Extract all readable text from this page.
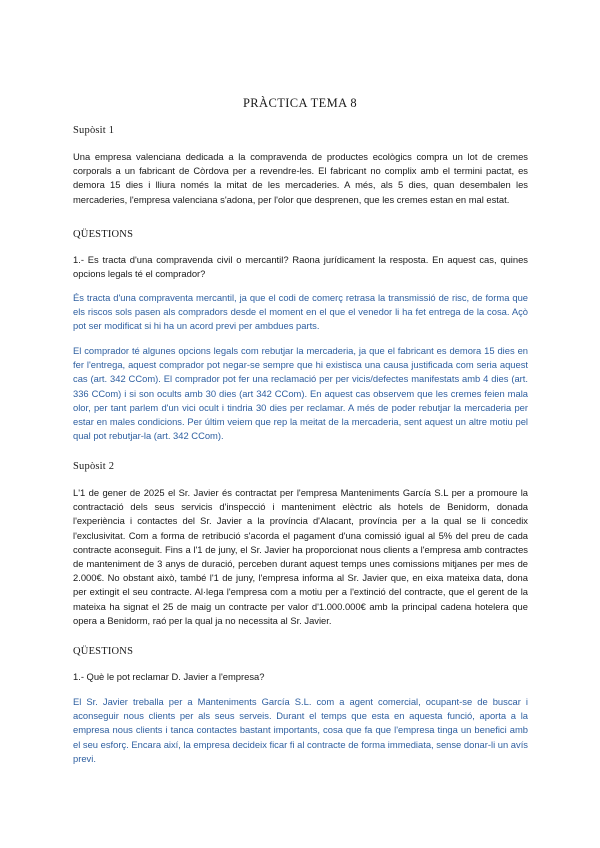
PRÀCTICA TEMA 8
Supòsit 1

Una empresa valenciana dedicada a la compravenda de productes ecològics compra un lot de cremes corporals a un fabricant de Còrdova per a revendre-les. El fabricant no complix amb el termini pactat, es demora 15 dies i lliura només la mitat de les mercaderies. A més, als 5 dies, quan desembalen les mercaderies, l'empresa valenciana s'adona, per l'olor que desprenen, que les cremes estan en mal estat.

QÜESTIONS

1.- Es tracta d'una compravenda civil o mercantil? Raona jurídicament la resposta. En aquest cas, quines opcions legals té el comprador?

És tracta d'una compraventa mercantil, ja que el codi de comerç retrasa la transmissió de risc, de forma que els riscos sols pasen als compradors desde el moment en el que el venedor li ha fet entrega de la cosa. Açò pot ser modificat si hi ha un acord previ per ambdues parts.

El comprador té algunes opcions legals com rebutjar la mercaderia, ja que el fabricant es demora 15 dies en fer l'entrega, aquest comprador pot negar-se sempre que hi existisca una causa justificada com seria aquest cas (art. 342 CCom). El comprador pot fer una reclamació per per vicis/defectes manifestats amb 4 dies (art. 336 CCom) i si son ocults amb 30 dies (art 342 CCom). En aquest cas observem que les cremes feien mala olor, per tant parlem d'un vici ocult i tindria 30 dies per reclamar. A més de poder rebutjar la mercaderia per estar en males condicions. Per últim veiem que rep la meitat de la mercaderia, sent aquest un altre motiu pel qual pot rebutjar-la (art. 342 CCom).

Supòsit 2

L'1 de gener de 2025 el Sr. Javier és contractat per l'empresa Manteniments García S.L per a promoure la contractació dels seus servicis d'inspecció i manteniment elèctric als hotels de Benidorm, donada l'experiència i contactes del Sr. Javier a la província d'Alacant, província per a la qual se li concedix l'exclusivitat. Com a forma de retribució s'acorda el pagament d'una comissió igual al 5% del preu de cada contracte aconseguit. Fins a l'1 de juny, el Sr. Javier ha proporcionat nous clients a l'empresa amb contractes de manteniment de 3 anys de duració, perceben durant aquest temps unes comissions mitjanes per mes de 2.000€. No obstant això, també l'1 de juny, l'empresa informa al Sr. Javier que, en eixa mateixa data, dona per extingit el seu contracte. Al·lega l'empresa com a motiu per a l'extinció del contracte, que el gerent de la mateixa ha signat el 25 de maig un contracte per valor d'1.000.000€ amb la principal cadena hotelera que opera a Benidorm, raó per la qual ja no necessita al Sr. Javier.

QÜESTIONS

1.- Què le pot reclamar D. Javier a l'empresa?

El Sr. Javier treballa per a Manteniments García S.L. com a agent comercial, ocupant-se de buscar i aconseguir nous clients per als seus serveis. Durant el temps que esta en aquesta funció, aporta a la empresa nous clients i tanca contactes bastant importants, cosa que fa que l'empresa tinga un benefici amb el seu esforç. Encara així, la empresa decideix ficar fi al contracte de forma immediata, sense donar-li un avís previ.
